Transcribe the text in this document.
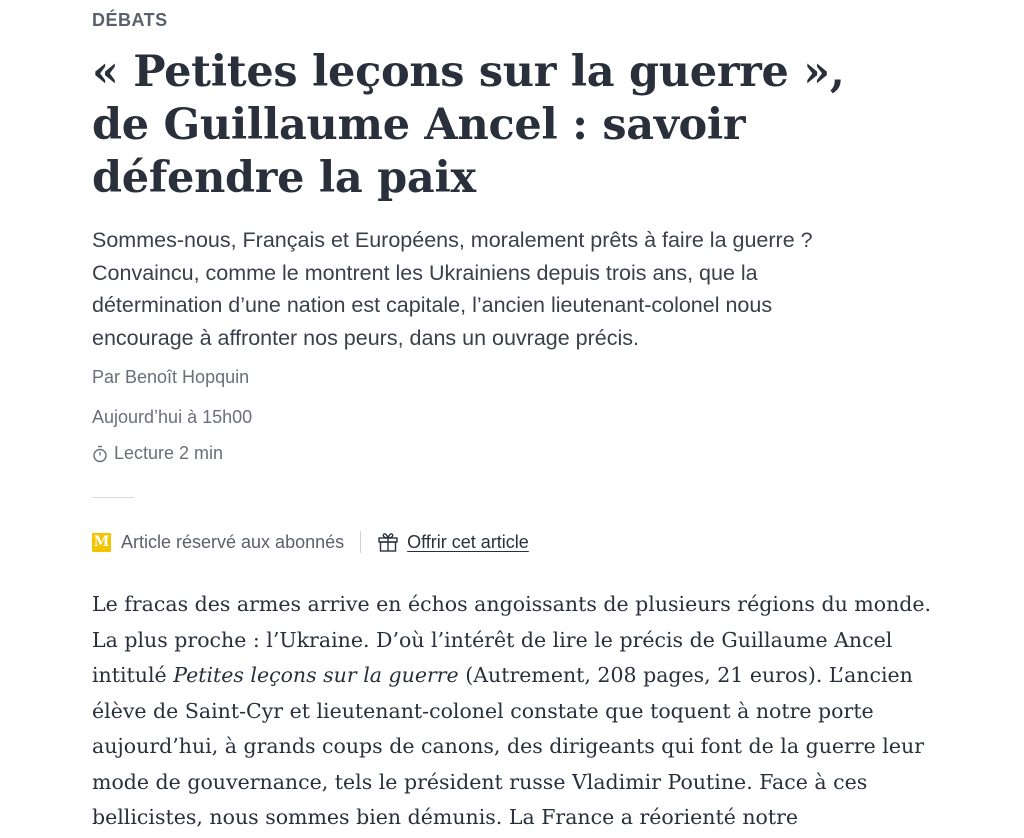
DÉBATS
« Petites leçons sur la guerre », de Guillaume Ancel : savoir défendre la paix

Sommes-nous, Français et Européens, moralement prêts à faire la guerre ? Convaincu, comme le montrent les Ukrainiens depuis trois ans, que la détermination d’une nation est capitale, l’ancien lieutenant-colonel nous encourage à affronter nos peurs, dans un ouvrage précis.

Par Benoît Hopquin
Aujourd’hui à 15h00
Lecture 2 min
M Article réservé aux abonnés	Offrir cet article

Le fracas des armes arrive en échos angoissants de plusieurs régions du monde. La plus proche : l’Ukraine. D’où l’intérêt de lire le précis de Guillaume Ancel intitulé Petites leçons sur la guerre (Autrement, 208 pages, 21 euros). L’ancien élève de Saint-Cyr et lieutenant-colonel constate que toquent à notre porte aujourd’hui, à grands coups de canons, des dirigeants qui font de la guerre leur mode de gouvernance, tels le président russe Vladimir Poutine. Face à ces bellicistes, nous sommes bien démunis. La France a réorienté notre
